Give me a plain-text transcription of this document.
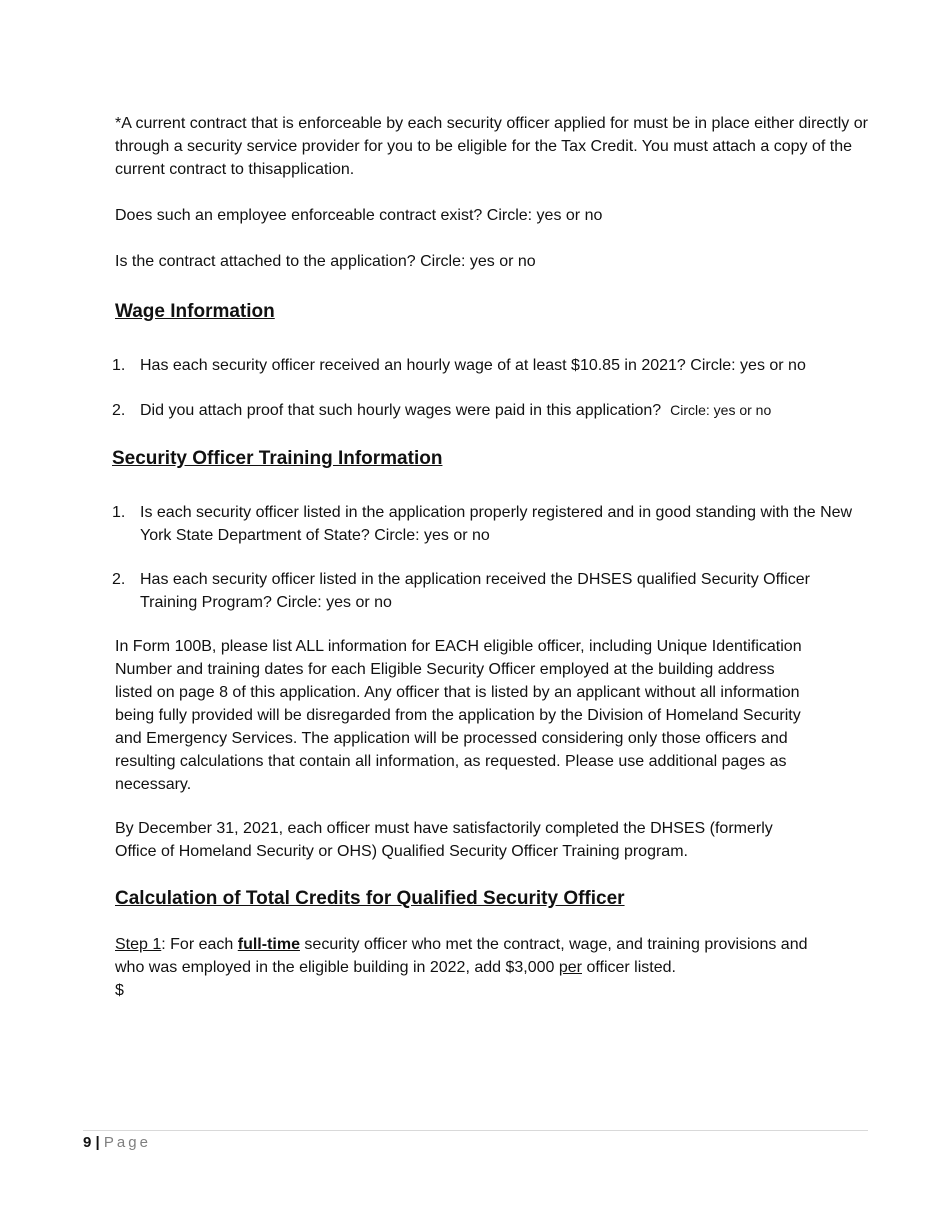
*A current contract that is enforceable by each security officer applied for must be in place either directly or through a security service provider for you to be eligible for the Tax Credit. You must attach a copy of the current contract to thisapplication.
Does such an employee enforceable contract exist? Circle: yes or no
Is the contract attached to the application? Circle: yes or no
Wage Information
1. Has each security officer received an hourly wage of at least $10.85 in 2021? Circle: yes or no
2. Did you attach proof that such hourly wages were paid in this application? Circle: yes or no
Security Officer Training Information
1. Is each security officer listed in the application properly registered and in good standing with the New York State Department of State? Circle: yes or no
2. Has each security officer listed in the application received the DHSES qualified Security Officer Training Program? Circle: yes or no
In Form 100B, please list ALL information for EACH eligible officer, including Unique Identification Number and training dates for each Eligible Security Officer employed at the building address listed on page 8 of this application. Any officer that is listed by an applicant without all information being fully provided will be disregarded from the application by the Division of Homeland Security and Emergency Services. The application will be processed considering only those officers and resulting calculations that contain all information, as requested. Please use additional pages as necessary.
By December 31, 2021, each officer must have satisfactorily completed the DHSES (formerly Office of Homeland Security or OHS) Qualified Security Officer Training program.
Calculation of Total Credits for Qualified Security Officer
Step 1: For each full-time security officer who met the contract, wage, and training provisions and who was employed in the eligible building in 2022, add $3,000 per officer listed.
$
9 | Page
